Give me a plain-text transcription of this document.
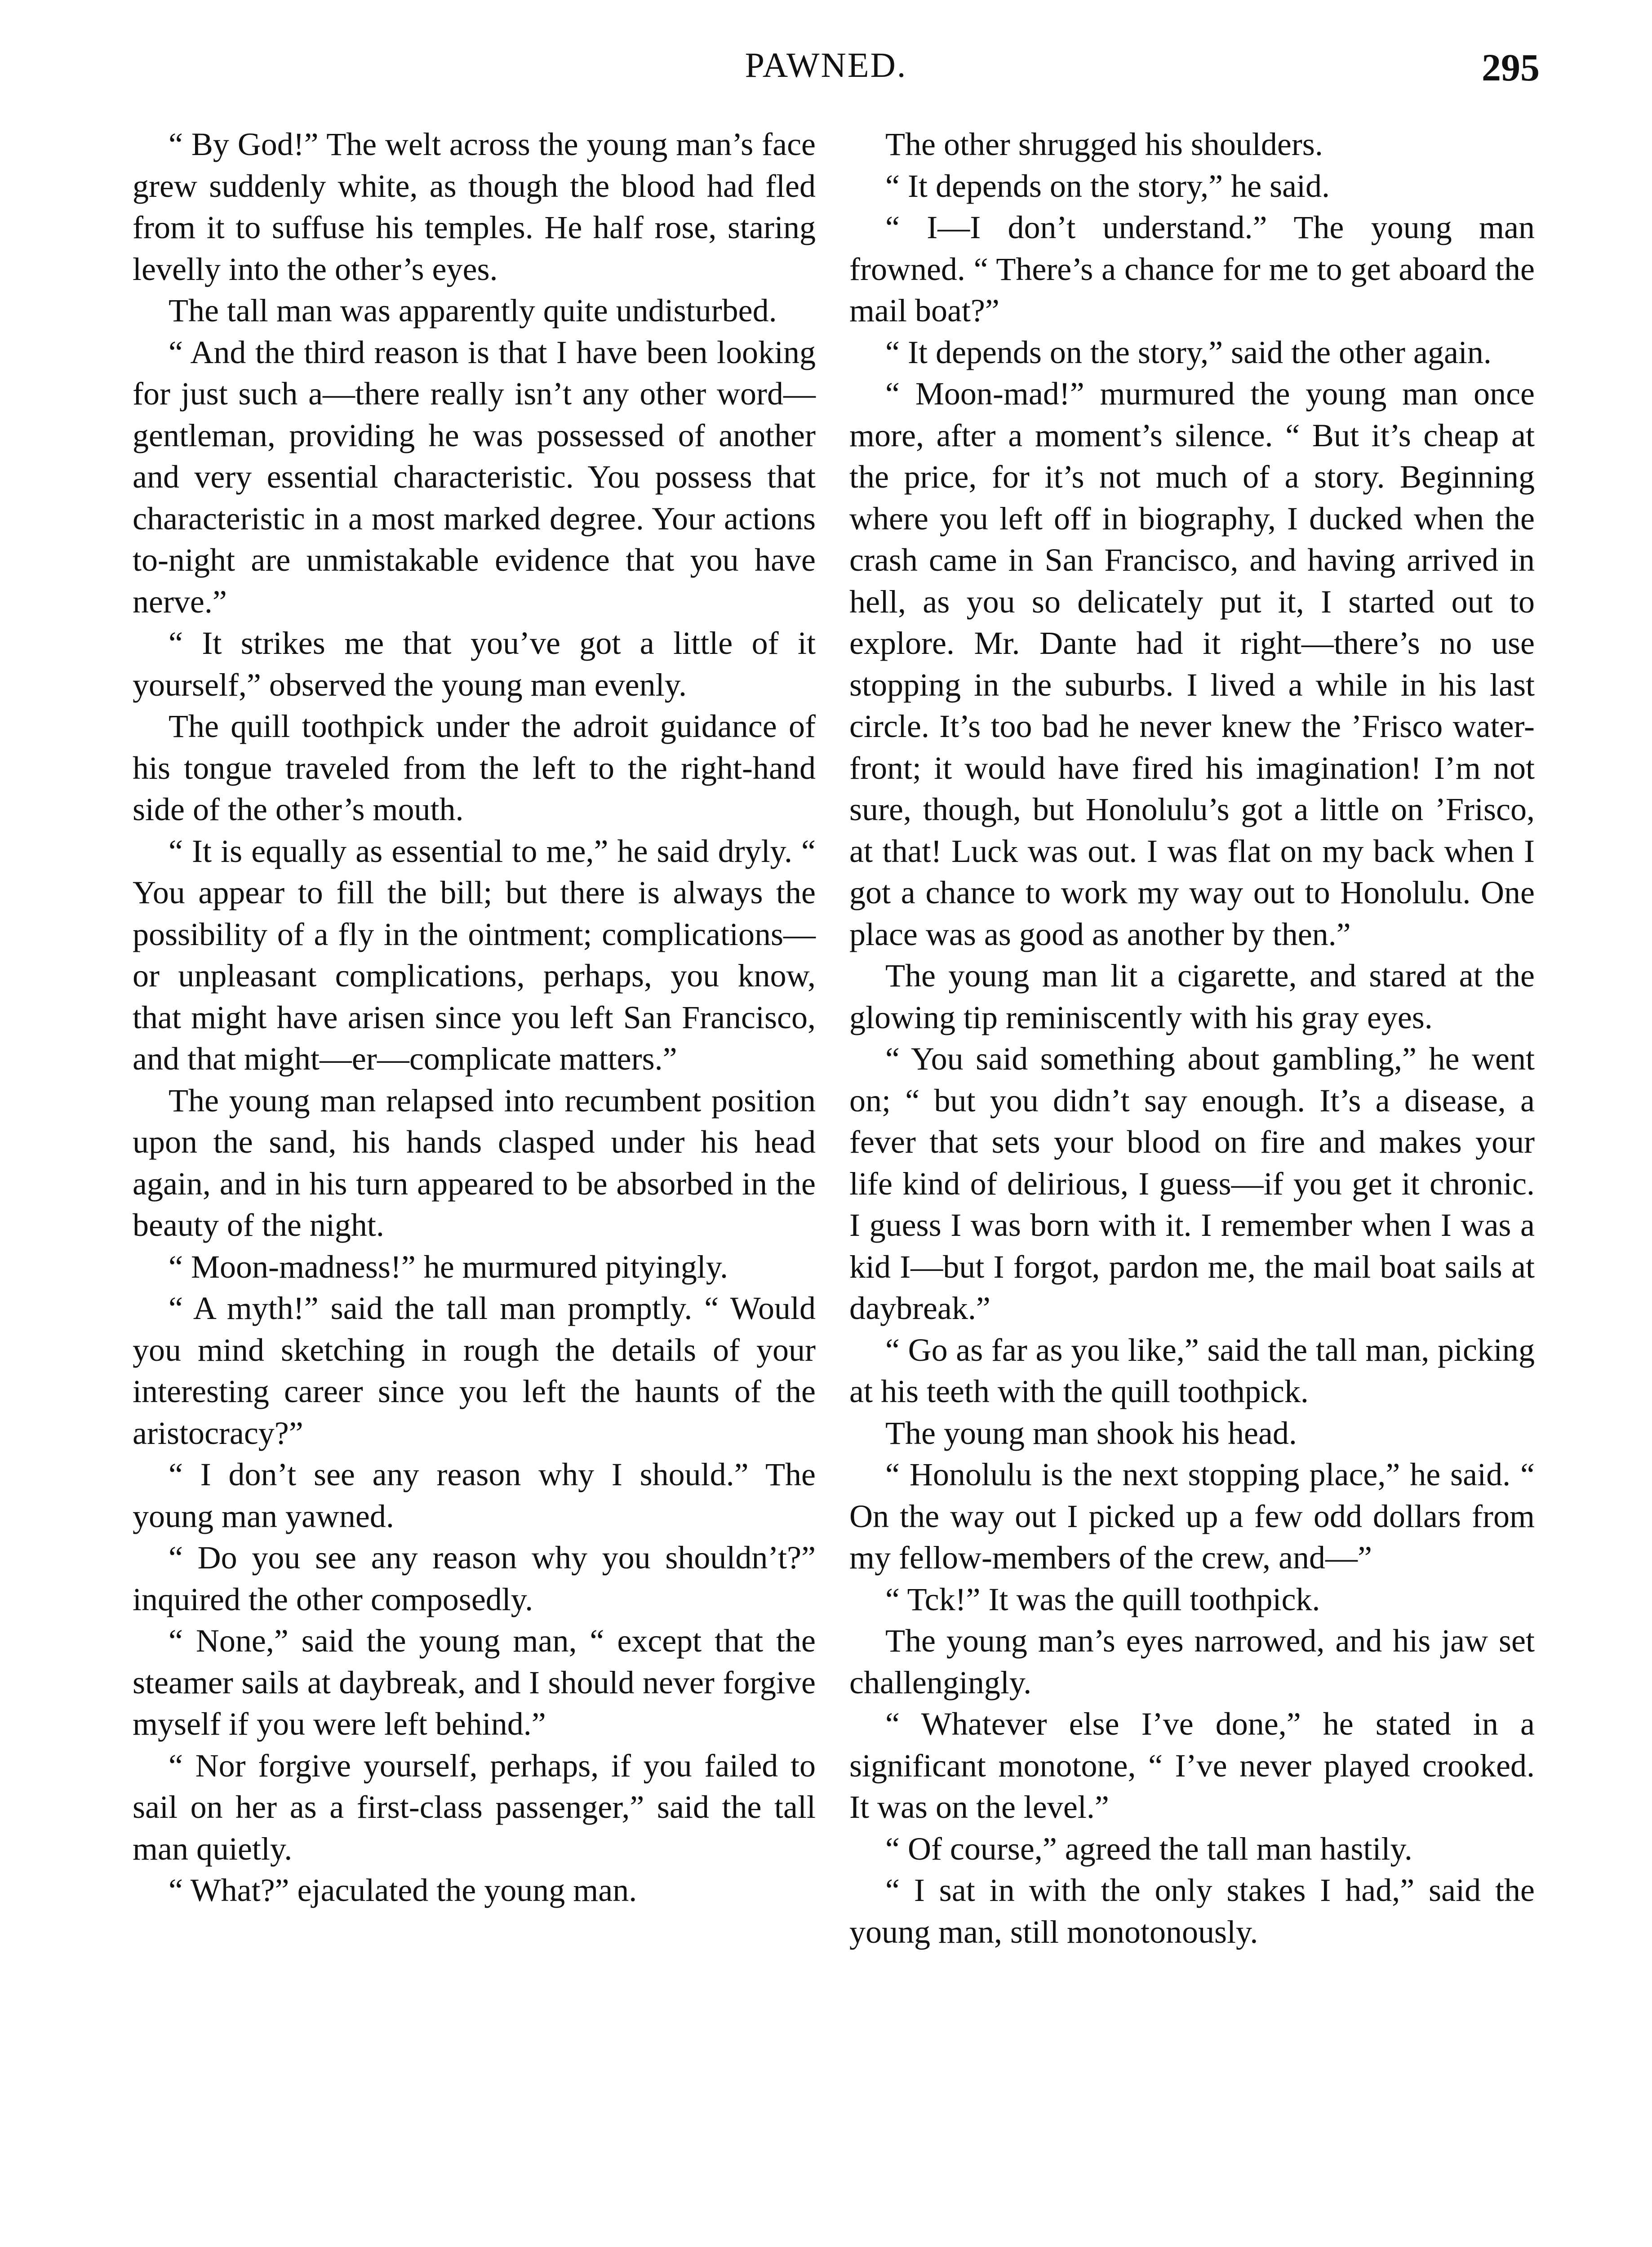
PAWNED.	295

“ By God!” The welt across the young man’s face grew suddenly white, as though the blood had fled from it to suffuse his temples. He half rose, staring levelly into the other’s eyes.

The tall man was apparently quite undisturbed.

“ And the third reason is that I have been looking for just such a—there really isn’t any other word—gentleman, providing he was possessed of another and very essential characteristic. You possess that characteristic in a most marked degree. Your actions to-night are unmistakable evidence that you have nerve.”

“ It strikes me that you’ve got a little of it yourself,” observed the young man evenly.

The quill toothpick under the adroit guidance of his tongue traveled from the left to the right-hand side of the other’s mouth.

“ It is equally as essential to me,” he said dryly. “ You appear to fill the bill; but there is always the possibility of a fly in the ointment; complications—or unpleasant complications, perhaps, you know, that might have arisen since you left San Francisco, and that might—er—complicate matters.”

The young man relapsed into recumbent position upon the sand, his hands clasped under his head again, and in his turn appeared to be absorbed in the beauty of the night.

“ Moon-madness!” he murmured pityingly.

“ A myth!” said the tall man promptly. “ Would you mind sketching in rough the details of your interesting career since you left the haunts of the aristocracy?”

“ I don’t see any reason why I should.” The young man yawned.

“ Do you see any reason why you shouldn’t?” inquired the other composedly.

“ None,” said the young man, “ except that the steamer sails at daybreak, and I should never forgive myself if you were left behind.”

“ Nor forgive yourself, perhaps, if you failed to sail on her as a first-class passenger,” said the tall man quietly.

“ What?” ejaculated the young man.

The other shrugged his shoulders.

“ It depends on the story,” he said.

“ I—I don’t understand.” The young man frowned. “ There’s a chance for me to get aboard the mail boat?”

“ It depends on the story,” said the other again.

“ Moon-mad!” murmured the young man once more, after a moment’s silence. “ But it’s cheap at the price, for it’s not much of a story. Beginning where you left off in biography, I ducked when the crash came in San Francisco, and having arrived in hell, as you so delicately put it, I started out to explore. Mr. Dante had it right—there’s no use stopping in the suburbs. I lived a while in his last circle. It’s too bad he never knew the ’Frisco water-front; it would have fired his imagination! I’m not sure, though, but Honolulu’s got a little on ’Frisco, at that! Luck was out. I was flat on my back when I got a chance to work my way out to Honolulu. One place was as good as another by then.”

The young man lit a cigarette, and stared at the glowing tip reminiscently with his gray eyes.

“ You said something about gambling,” he went on; “ but you didn’t say enough. It’s a disease, a fever that sets your blood on fire and makes your life kind of delirious, I guess—if you get it chronic. I guess I was born with it. I remember when I was a kid I—but I forgot, pardon me, the mail boat sails at daybreak.”

“ Go as far as you like,” said the tall man, picking at his teeth with the quill toothpick.

The young man shook his head.

“ Honolulu is the next stopping place,” he said. “ On the way out I picked up a few odd dollars from my fellow-members of the crew, and—”

“ Tck!” It was the quill toothpick.

The young man’s eyes narrowed, and his jaw set challengingly.

“ Whatever else I’ve done,” he stated in a significant monotone, “ I’ve never played crooked. It was on the level.”

“ Of course,” agreed the tall man hastily.

“ I sat in with the only stakes I had,” said the young man, still monotonously.
